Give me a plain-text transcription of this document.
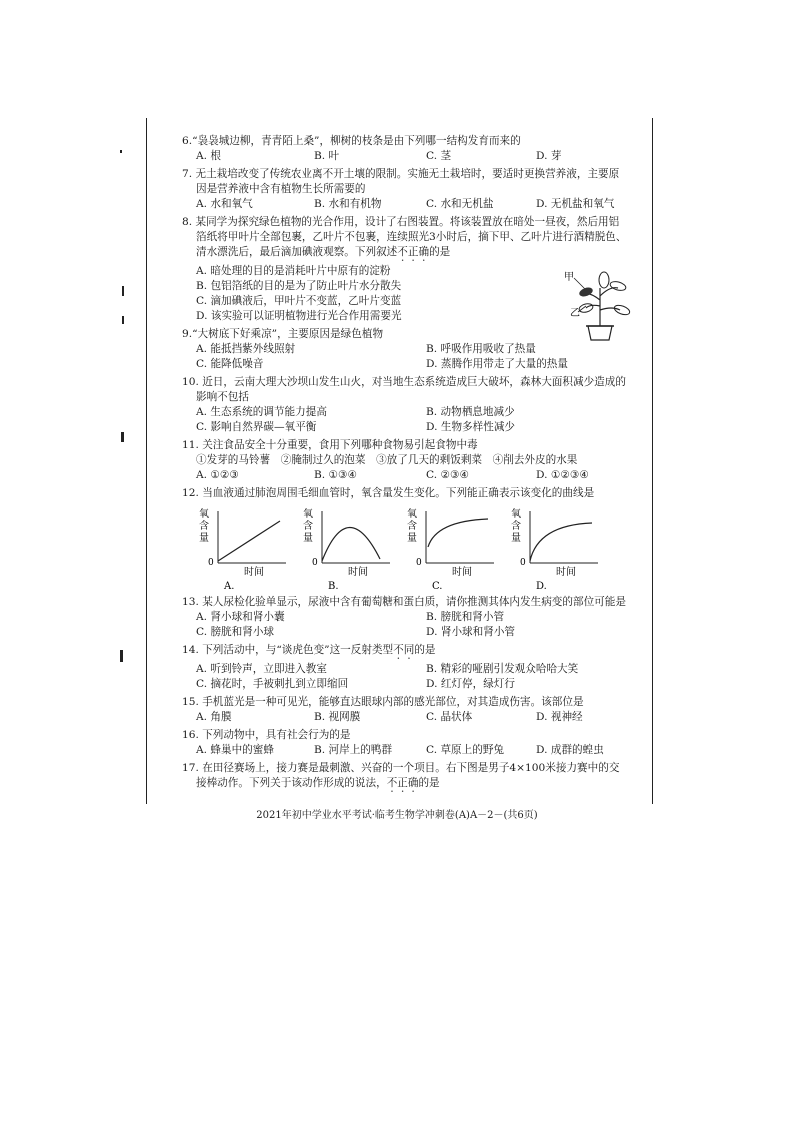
甲
乙
6.“袅袅城边柳，青青陌上桑”，柳树的枝条是由下列哪一结构发育而来的
A. 根	B. 叶	C. 茎	D. 芽
7. 无土栽培改变了传统农业离不开土壤的限制。实施无土栽培时，要适时更换营养液，主要原
因是营养液中含有植物生长所需要的
A. 水和氧气	B. 水和有机物	C. 水和无机盐	D. 无机盐和氧气
8. 某同学为探究绿色植物的光合作用，设计了右图装置。将该装置放在暗处一昼夜，然后用铝
箔纸将甲叶片全部包裹，乙叶片不包裹，连续照光3小时后，摘下甲、乙叶片进行酒精脱色、
清水漂洗后，最后滴加碘液观察。下列叙述不正确的是
A. 暗处理的目的是消耗叶片中原有的淀粉
B. 包铝箔纸的目的是为了防止叶片水分散失
C. 滴加碘液后，甲叶片不变蓝，乙叶片变蓝
D. 该实验可以证明植物进行光合作用需要光
9.“大树底下好乘凉”，主要原因是绿色植物
A. 能抵挡紫外线照射	B. 呼吸作用吸收了热量
C. 能降低噪音	D. 蒸腾作用带走了大量的热量
10. 近日，云南大理大沙坝山发生山火，对当地生态系统造成巨大破坏，森林大面积减少造成的
影响不包括
A. 生态系统的调节能力提高	B. 动物栖息地减少
C. 影响自然界碳—氧平衡	D. 生物多样性减少
11. 关注食品安全十分重要，食用下列哪种食物易引起食物中毒
①发芽的马铃薯　②腌制过久的泡菜　③放了几天的剩饭剩菜　④削去外皮的水果
A. ①②③	B. ①③④	C. ②③④	D. ①②③④
12. 当血液通过肺泡周围毛细血管时，氧含量发生变化。下列能正确表示该变化的曲线是
氧
含
量
0
时间
A.
氧
含
量
0
时间
B.
氧
含
量
0
时间
C.
氧
含
量
0
时间
D.
13. 某人尿检化验单显示，尿液中含有葡萄糖和蛋白质，请你推测其体内发生病变的部位可能是
A. 肾小球和肾小囊	B. 膀胱和肾小管
C. 膀胱和肾小球	D. 肾小球和肾小管
14. 下列活动中，与“谈虎色变”这一反射类型不同的是
A. 听到铃声，立即进入教室	B. 精彩的哑剧引发观众哈哈大笑
C. 摘花时，手被刺扎到立即缩回	D. 红灯停，绿灯行
15. 手机蓝光是一种可见光，能够直达眼球内部的感光部位，对其造成伤害。该部位是
A. 角膜	B. 视网膜	C. 晶状体	D. 视神经
16. 下列动物中，具有社会行为的是
A. 蜂巢中的蜜蜂	B. 河岸上的鸭群	C. 草原上的野兔	D. 成群的蝗虫
17. 在田径赛场上，接力赛是最刺激、兴奋的一个项目。右下图是男子4×100米接力赛中的交
接棒动作。下列关于该动作形成的说法，不正确的是
2021年初中学业水平考试·临考生物学冲刺卷(A)A－2－(共6页)
